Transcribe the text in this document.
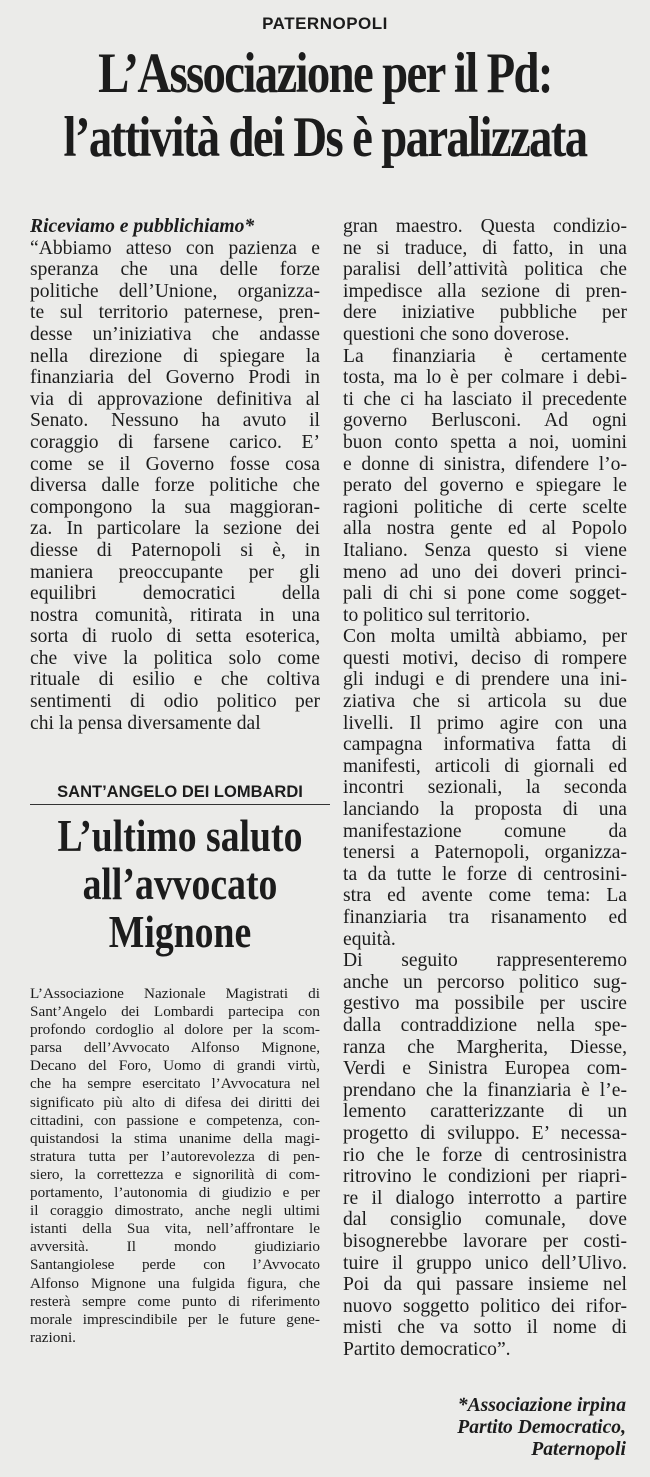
PATERNOPOLI
L’Associazione per il Pd:
l’attività dei Ds è paralizzata
Riceviamo e pubblichiamo*
“Abbiamo atteso con pazienza e
speranza che una delle forze
politiche dell’Unione, organizza-
te sul territorio paternese, pren-
desse un’iniziativa che andasse
nella direzione di spiegare la
finanziaria del Governo Prodi in
via di approvazione definitiva al
Senato. Nessuno ha avuto il
coraggio di farsene carico. E’
come se il Governo fosse cosa
diversa dalle forze politiche che
compongono la sua maggioran-
za. In particolare la sezione dei
diesse di Paternopoli si è, in
maniera preoccupante per gli
equilibri democratici della
nostra comunità, ritirata in una
sorta di ruolo di setta esoterica,
che vive la politica solo come
rituale di esilio e che coltiva
sentimenti di odio politico per
chi la pensa diversamente dal
gran maestro. Questa condizio-
ne si traduce, di fatto, in una
paralisi dell’attività politica che
impedisce alla sezione di pren-
dere iniziative pubbliche per
questioni che sono doverose.
La finanziaria è certamente
tosta, ma lo è per colmare i debi-
ti che ci ha lasciato il precedente
governo Berlusconi. Ad ogni
buon conto spetta a noi, uomini
e donne di sinistra, difendere l’o-
perato del governo e spiegare le
ragioni politiche di certe scelte
alla nostra gente ed al Popolo
Italiano. Senza questo si viene
meno ad uno dei doveri princi-
pali di chi si pone come sogget-
to politico sul territorio.
Con molta umiltà abbiamo, per
questi motivi, deciso di rompere
gli indugi e di prendere una ini-
ziativa che si articola su due
livelli. Il primo agire con una
campagna informativa fatta di
manifesti, articoli di giornali ed
incontri sezionali, la seconda
lanciando la proposta di una
manifestazione comune da
tenersi a Paternopoli, organizza-
ta da tutte le forze di centrosini-
stra ed avente come tema: La
finanziaria tra risanamento ed
equità.
Di seguito rappresenteremo
anche un percorso politico sug-
gestivo ma possibile per uscire
dalla contraddizione nella spe-
ranza che Margherita, Diesse,
Verdi e Sinistra Europea com-
prendano che la finanziaria è l’e-
lemento caratterizzante di un
progetto di sviluppo. E’ necessa-
rio che le forze di centrosinistra
ritrovino le condizioni per riapri-
re il dialogo interrotto a partire
dal consiglio comunale, dove
bisognerebbe lavorare per costi-
tuire il gruppo unico dell’Ulivo.
Poi da qui passare insieme nel
nuovo soggetto politico dei rifor-
misti che va sotto il nome di
Partito democratico”.
SANT’ANGELO DEI LOMBARDI
L’ultimo saluto
all’avvocato
Mignone
L’Associazione Nazionale Magistrati di
Sant’Angelo dei Lombardi partecipa con
profondo cordoglio al dolore per la scom-
parsa dell’Avvocato Alfonso Mignone,
Decano del Foro, Uomo di grandi virtù,
che ha sempre esercitato l’Avvocatura nel
significato più alto di difesa dei diritti dei
cittadini, con passione e competenza, con-
quistandosi la stima unanime della magi-
stratura tutta per l’autorevolezza di pen-
siero, la correttezza e signorilità di com-
portamento, l’autonomia di giudizio e per
il coraggio dimostrato, anche negli ultimi
istanti della Sua vita, nell’affrontare le
avversità. Il mondo giudiziario
Santangiolese perde con l’Avvocato
Alfonso Mignone una fulgida figura, che
resterà sempre come punto di riferimento
morale imprescindibile per le future gene-
razioni.
*Associazione irpina
Partito Democratico,
Paternopoli
